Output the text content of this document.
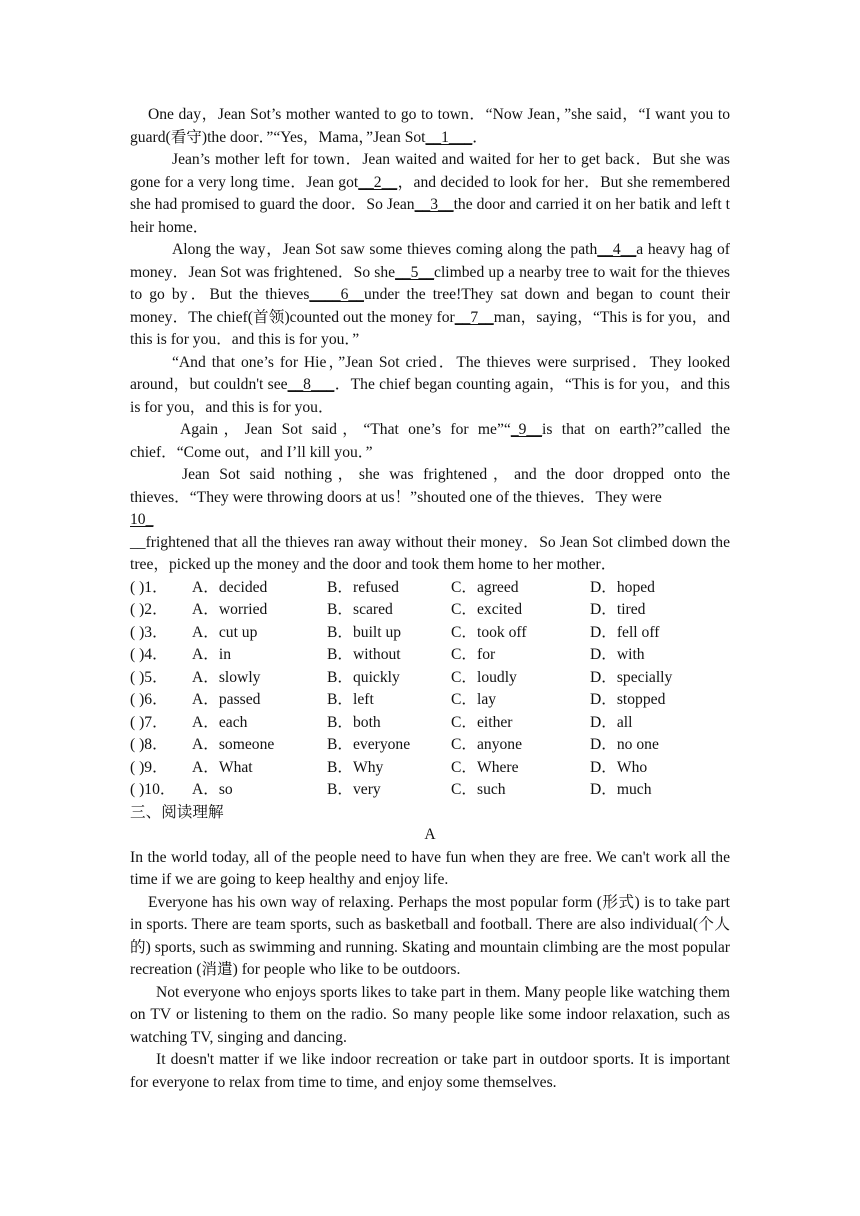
One day，Jean Sot’s mother wanted to go to town．“Now Jean，”she said，“I want you to guard(看守)the door．”“Yes，Mama，”Jean Sot__1___．

Jean’s mother left for town．Jean waited and waited for her to get back．But she was gone for a very long time．Jean got__2__，and decided to look for her．But she remembered she had promised to guard the door．So Jean__3__the door and carried it on her batik and left t heir home．

Along the way，Jean Sot saw some thieves coming along the path__4__a heavy hag of money．Jean Sot was frightened．So she__5__climbed up a nearby tree to wait for the thieves to go by．But the thieves____6__under the tree!They sat down and began to count their money．The chief(首领)counted out the money for__7__man，saying，“This is for you，and this is for you．and this is for you．”

“And that one’s for Hie，”Jean Sot cried．The thieves were surprised．They looked around，but couldn't see__8___．The chief began counting again，“This is for you，and this is for you，and this is for you．

Again，Jean Sot said，“That one’s for me”“_9__is that on earth?”called the chief．“Come out，and I’ll kill you．”

Jean Sot said nothing，she was frightened，and the door dropped onto the thieves．“They were throwing doors at us！”shouted one of the thieves．They were

10_

__frightened that all the thieves ran away without their money．So Jean Sot climbed down the tree，picked up the money and the door and took them home to her mother．

( )1． A．decided	B．refused	C．agreed	D．hoped
( )2． A．worried	B．scared	C．excited	D．tired
( )3． A．cut up	B．built up	C．took off	D．fell off
( )4． A．in	B．without	C．for	D．with
( )5． A．slowly	B．quickly	C．loudly	D．specially
( )6． A．passed	B．left	C．lay	D．stopped
( )7． A．each	B．both	C．either	D．all
( )8． A．someone	B．everyone	C．anyone	D．no one
( )9． A．What	B．Why	C．Where	D．Who
( )10． A．so	B．very	C．such	D．much

三、阅读理解

A

In the world today, all of the people need to have fun when they are free. We can't work all the time if we are going to keep healthy and enjoy life.

Everyone has his own way of relaxing. Perhaps the most popular form (形式) is to take part in sports. There are team sports, such as basketball and football. There are also individual(个人的) sports, such as swimming and running. Skating and mountain climbing are the most popular recreation (消遣) for people who like to be outdoors.

Not everyone who enjoys sports likes to take part in them. Many people like watching them on TV or listening to them on the radio. So many people like some indoor relaxation, such as watching TV, singing and dancing.

It doesn't matter if we like indoor recreation or take part in outdoor sports. It is important for everyone to relax from time to time, and enjoy some themselves.
